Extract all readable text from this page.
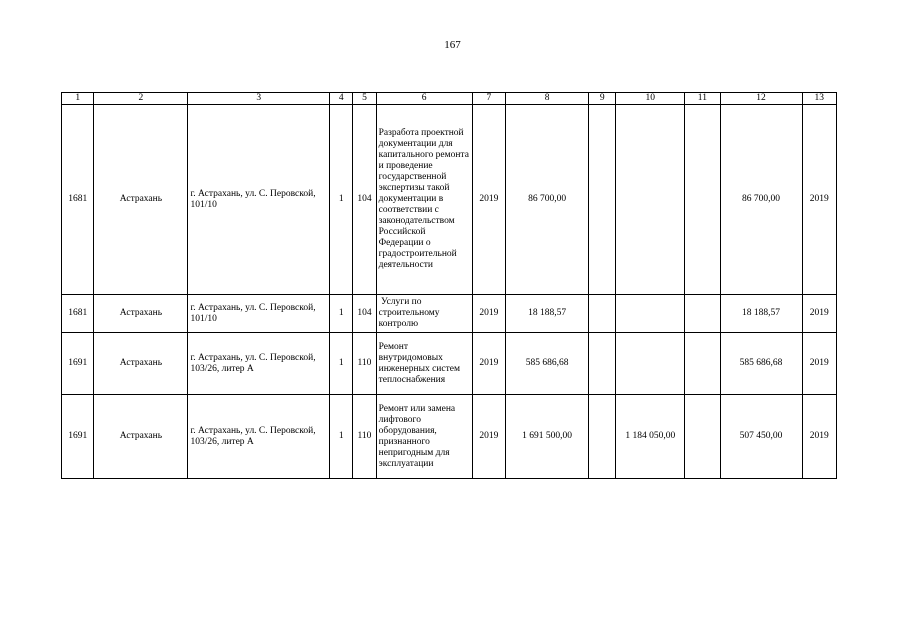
167
1	2	3	4	5	6	7	8	9	10	11	12	13
1681	Астрахань	г. Астрахань, ул. С. Перовской, 101/10	1	104	Разработа проектной документации для капитального ремонта и проведение государственной экспертизы такой документации в соответствии с законодательством Российской Федерации о градостроительной деятельности	2019	86 700,00				86 700,00	2019
1681	Астрахань	г. Астрахань, ул. С. Перовской, 101/10	1	104	Услуги по строительному контролю	2019	18 188,57				18 188,57	2019
1691	Астрахань	г. Астрахань, ул. С. Перовской, 103/26, литер А	1	110	Ремонт внутридомовых инженерных систем теплоснабжения	2019	585 686,68				585 686,68	2019
1691	Астрахань	г. Астрахань, ул. С. Перовской, 103/26, литер А	1	110	Ремонт или замена лифтового оборудования, признанного непригодным для эксплуатации	2019	1 691 500,00		1 184 050,00		507 450,00	2019
